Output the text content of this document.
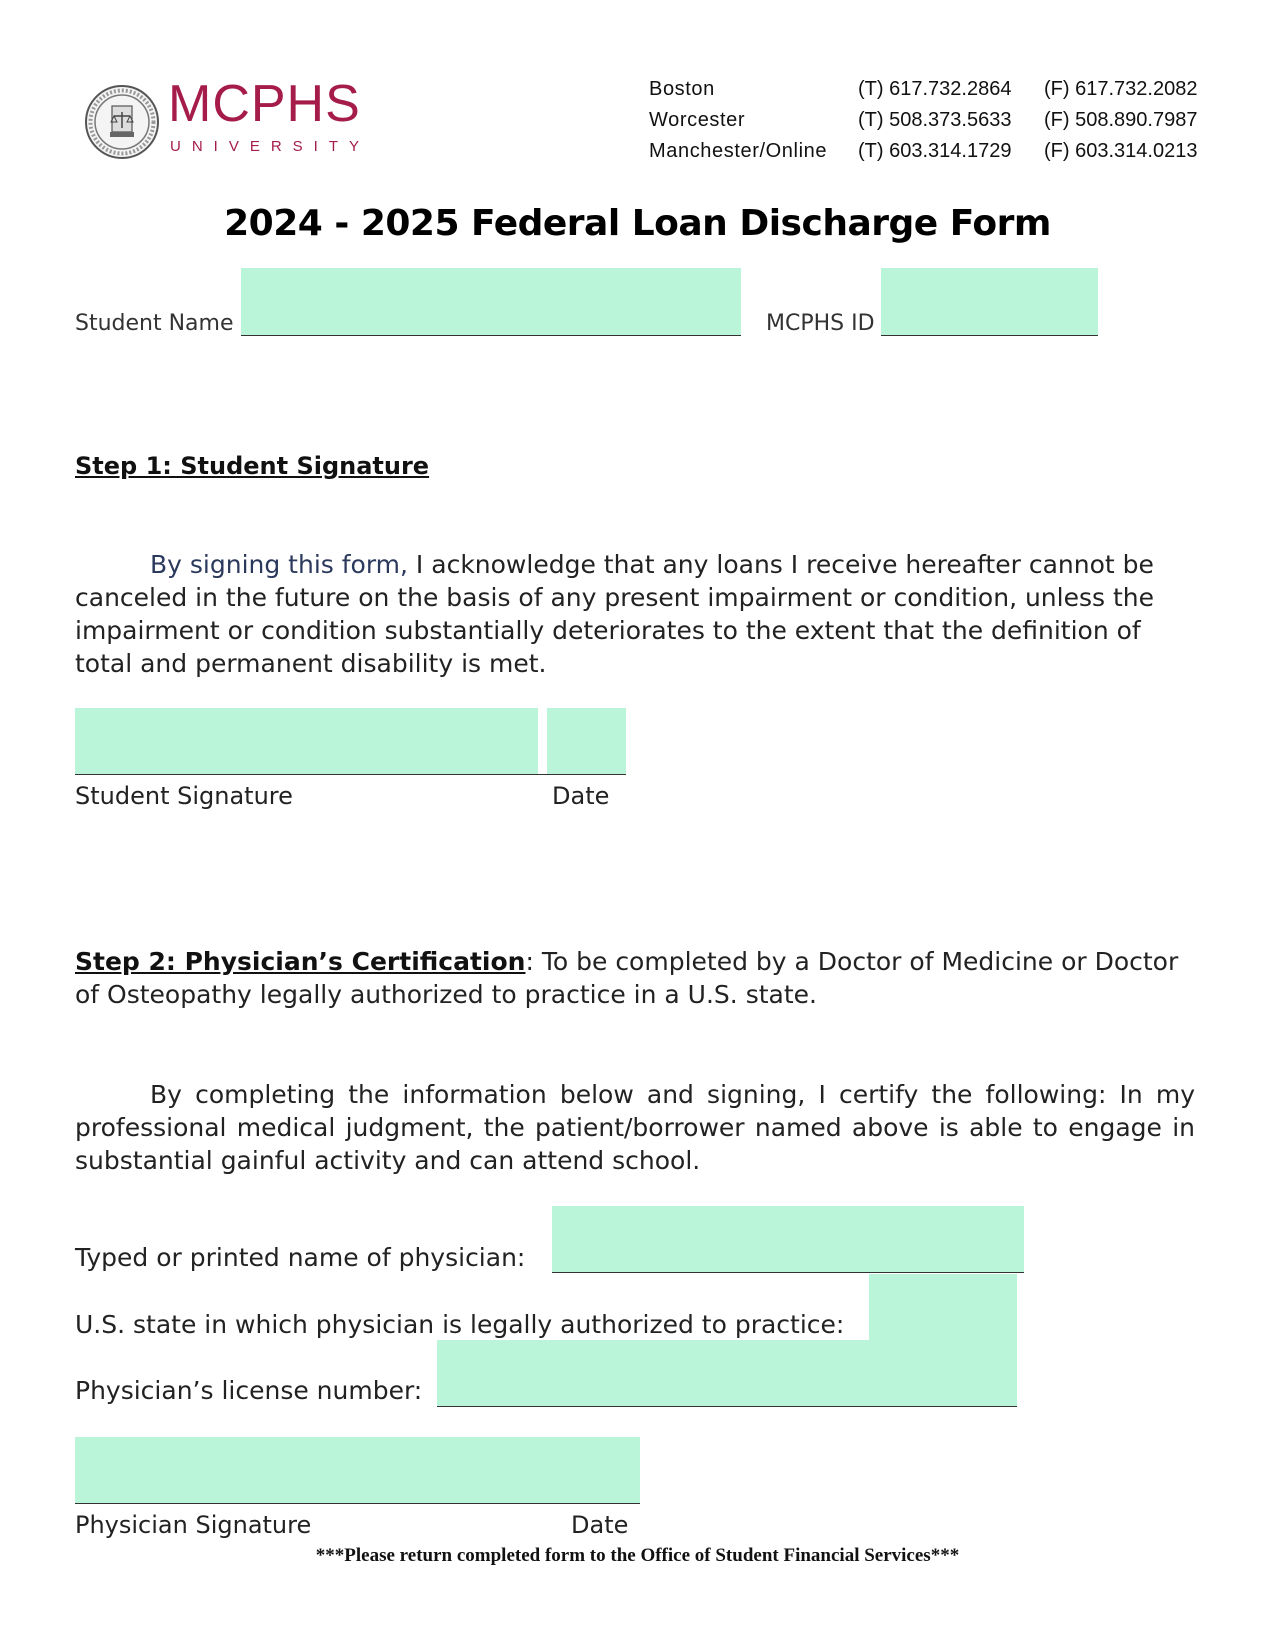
MCPHS
UNIVERSITY
Boston	(T) 617.732.2864 (F) 617.732.2082
Worcester	(T) 508.373.5633 (F) 508.890.7987
Manchester/Online (T) 603.314.1729 (F) 603.314.0213
2024 - 2025 Federal Loan Discharge Form
Student Name	MCPHS ID
Step 1: Student Signature
By signing this form, I acknowledge that any loans I receive hereafter cannot be canceled in the future on the basis of any present impairment or condition, unless the impairment or condition substantially deteriorates to the extent that the definition of total and permanent disability is met.
Student Signature	Date
Step 2: Physician’s Certification: To be completed by a Doctor of Medicine or Doctor of Osteopathy legally authorized to practice in a U.S. state.
By completing the information below and signing, I certify the following: In my professional medical judgment, the patient/borrower named above is able to engage in substantial gainful activity and can attend school.
Typed or printed name of physician:
U.S. state in which physician is legally authorized to practice:
Physician’s license number:
Physician Signature	Date
***Please return completed form to the Office of Student Financial Services***
